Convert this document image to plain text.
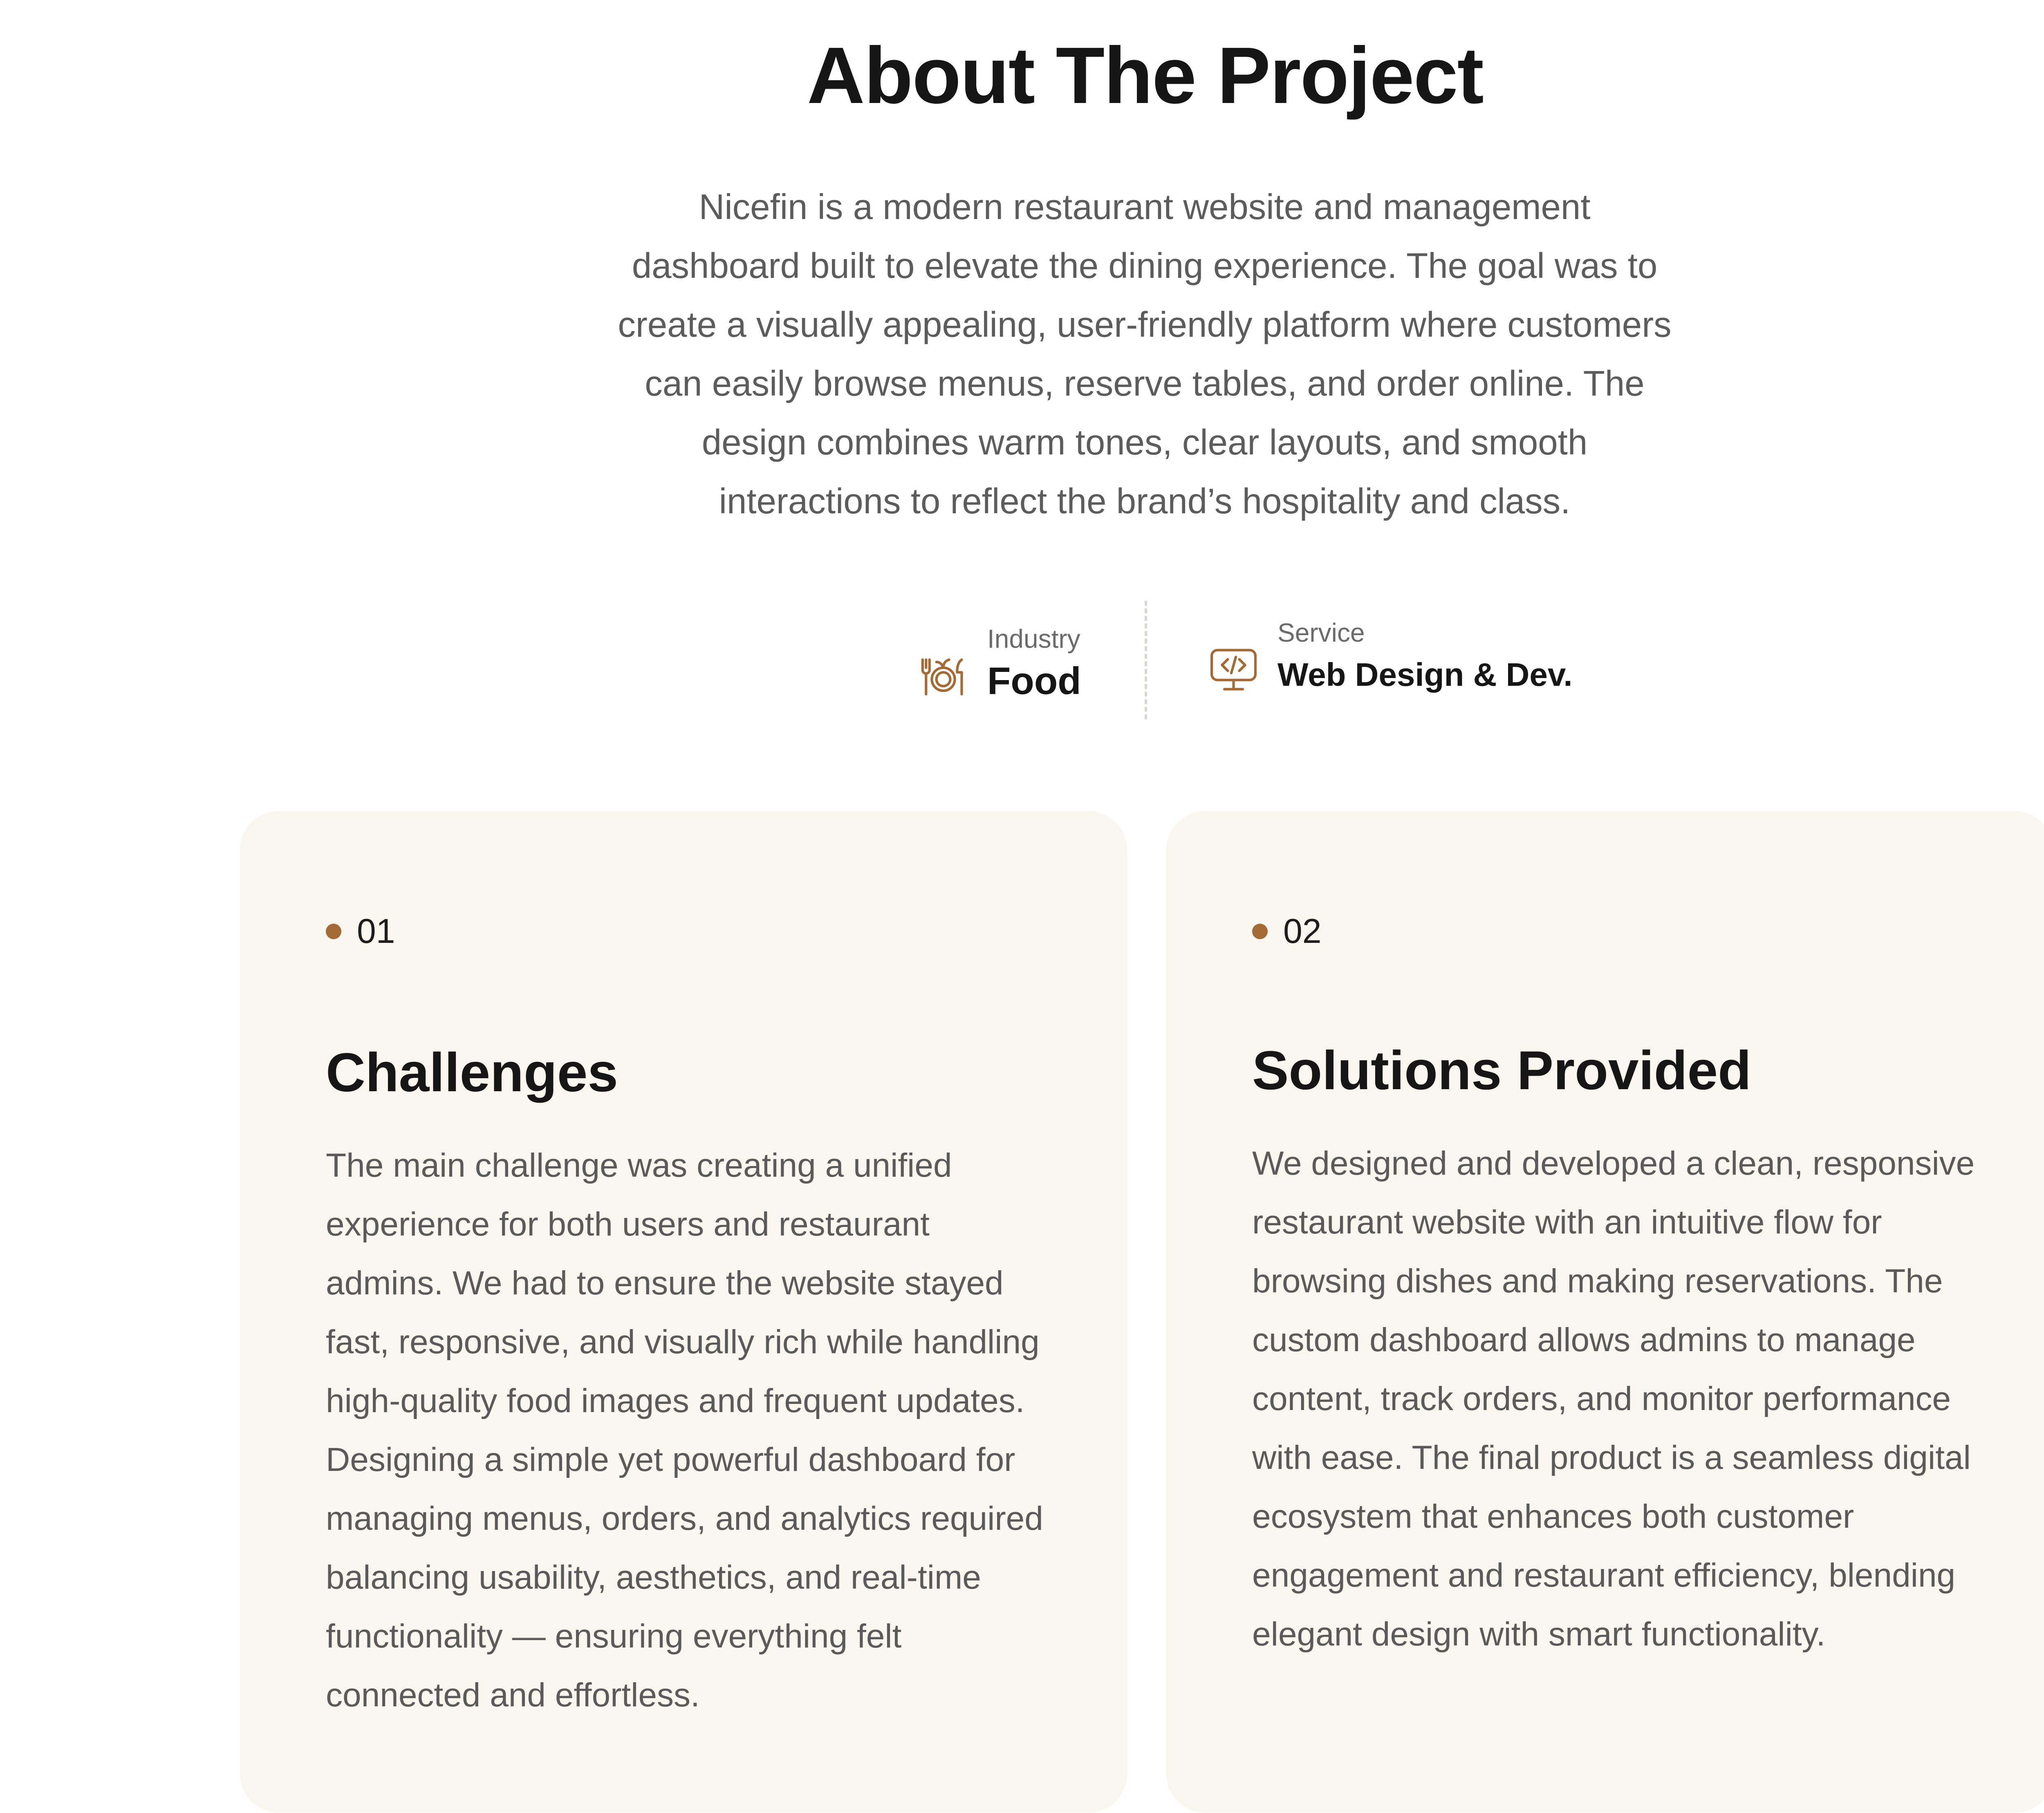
About The Project

Nicefin is a modern restaurant website and management dashboard built to elevate the dining experience. The goal was to create a visually appealing, user-friendly platform where customers can easily browse menus, reserve tables, and order online. The design combines warm tones, clear layouts, and smooth interactions to reflect the brand’s hospitality and class.

Industry
Food
Service
Web Design & Dev.
01
Challenges

The main challenge was creating a unified experience for both users and restaurant admins. We had to ensure the website stayed fast, responsive, and visually rich while handling high-quality food images and frequent updates. Designing a simple yet powerful dashboard for managing menus, orders, and analytics required balancing usability, aesthetics, and real-time functionality — ensuring everything felt connected and effortless.

02
Solutions Provided

We designed and developed a clean, responsive restaurant website with an intuitive flow for browsing dishes and making reservations. The custom dashboard allows admins to manage content, track orders, and monitor performance with ease. The final product is a seamless digital ecosystem that enhances both customer engagement and restaurant efficiency, blending elegant design with smart functionality.
